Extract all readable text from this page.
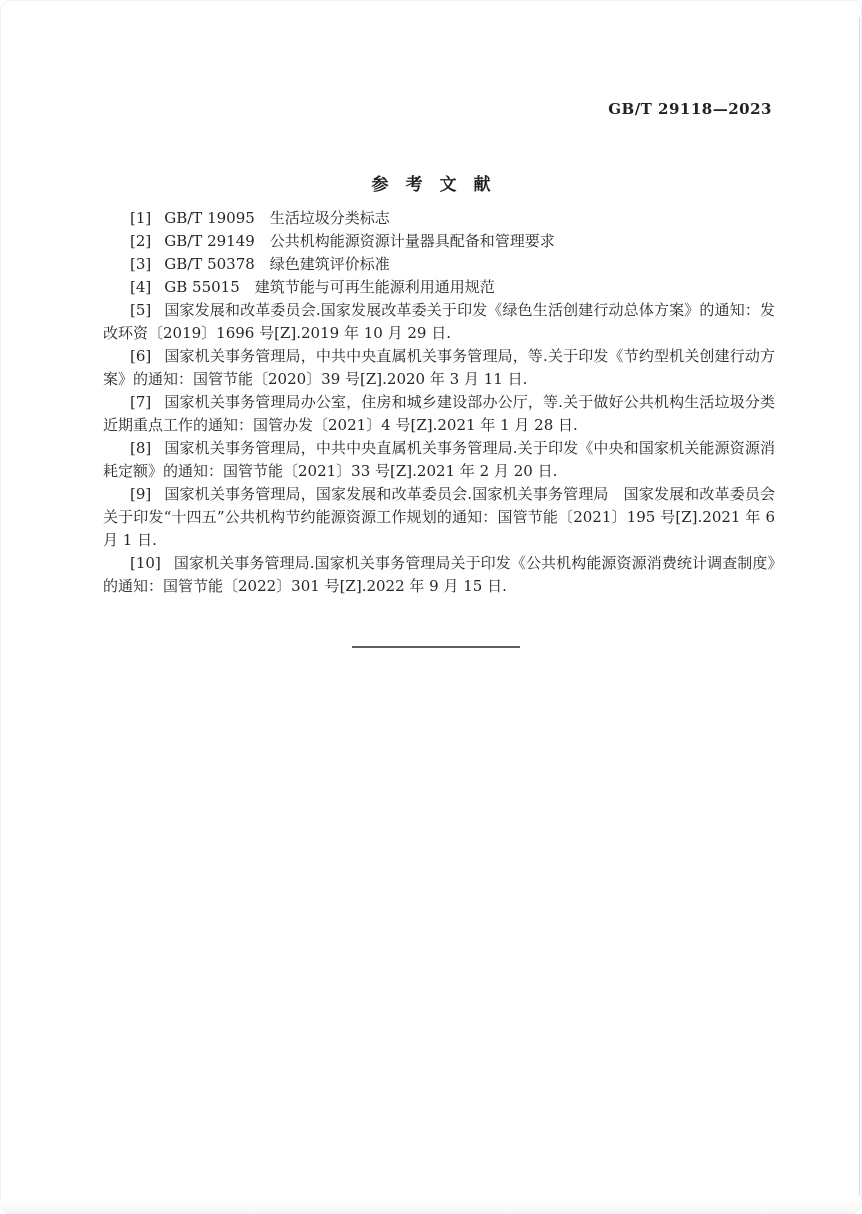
GB/T 29118—2023
参　考　文　献

[1] GB/T 19095　生活垃圾分类标志

[2] GB/T 29149　公共机构能源资源计量器具配备和管理要求

[3] GB/T 50378　绿色建筑评价标准

[4] GB 55015　建筑节能与可再生能源利用通用规范

[5] 国家发展和改革委员会.国家发展改革委关于印发《绿色生活创建行动总体方案》的通知：发改环资〔2019〕1696 号[Z].2019 年 10 月 29 日.

[6] 国家机关事务管理局，中共中央直属机关事务管理局，等.关于印发《节约型机关创建行动方案》的通知：国管节能〔2020〕39 号[Z].2020 年 3 月 11 日.

[7] 国家机关事务管理局办公室，住房和城乡建设部办公厅，等.关于做好公共机构生活垃圾分类近期重点工作的通知：国管办发〔2021〕4 号[Z].2021 年 1 月 28 日.

[8] 国家机关事务管理局，中共中央直属机关事务管理局.关于印发《中央和国家机关能源资源消耗定额》的通知：国管节能〔2021〕33 号[Z].2021 年 2 月 20 日.

[9] 国家机关事务管理局，国家发展和改革委员会.国家机关事务管理局　国家发展和改革委员会关于印发“十四五”公共机构节约能源资源工作规划的通知：国管节能〔2021〕195 号[Z].2021 年 6 月 1 日.

[10] 国家机关事务管理局.国家机关事务管理局关于印发《公共机构能源资源消费统计调查制度》的通知：国管节能〔2022〕301 号[Z].2022 年 9 月 15 日.
